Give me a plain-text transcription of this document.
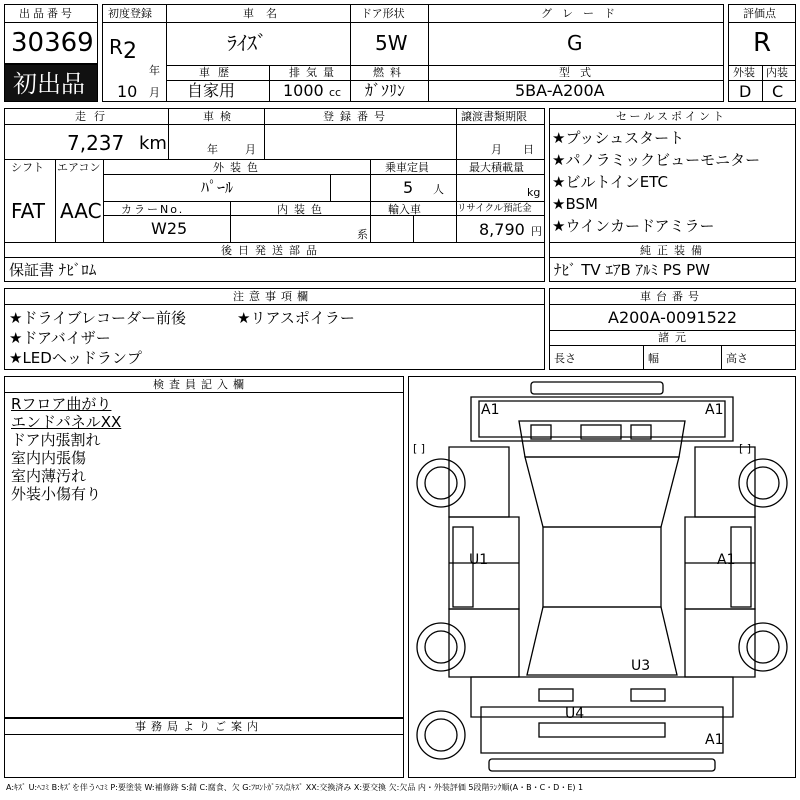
出品番号
30369
初出品
初度登録
R 2
年
10 月
車名
ﾗｲｽﾞ
ドア形状
5W
グレード
G
車歴
自家用
排気量
1000 cc
燃料
ｶﾞｿﾘﾝ
型式
5BA-A200A
評価点
R
外装 内装
D C
走行
7,237 km
車検
年 月
登録番号	譲渡書類期限
月 日
シフト
FAT
エアコン
AAC
外装色
ﾊﾟｰﾙ
乗車定員
5 人
最大積載量
kg
カラーNo.
W25
内装色
系
輸入車	リサイクル預託金
8,790 円
後日発送部品
保証書 ﾅﾋﾞﾛﾑ
セールスポイント
★プッシュスタート
★パノラミックビューモニター
★ビルトインETC
★BSM
★ウインカードアミラー
純正装備
ﾅﾋﾞ TV ｴｱB ｱﾙﾐ PS PW
注意事項欄
★ドライブレコーダー前後	★リアスポイラー
★ドアバイザー
★LEDヘッドランプ
車台番号
A200A-0091522
諸元
長さ	幅	高さ
検査員記入欄
Rフロア曲がり
エンドパネルXX
ドア内張割れ
室内内張傷
室内薄汚れ
外装小傷有り
事務局よりご案内
A1	A1
U1	A1
U3
U4
A1
[ ]	[ ]
A:ｷｽﾞ U:ﾍｺﾐ B:ｷｽﾞを伴うﾍｺﾐ P:要塗装 W:補修跡 S:錆 C:腐食、欠 G:ﾌﾛﾝﾄｶﾞﾗｽ点ｷｽﾞ XX:交換済み X:要交換 欠:欠品 内・外装評価 5段階ﾗﾝｸ順(A・B・C・D・E) 1
